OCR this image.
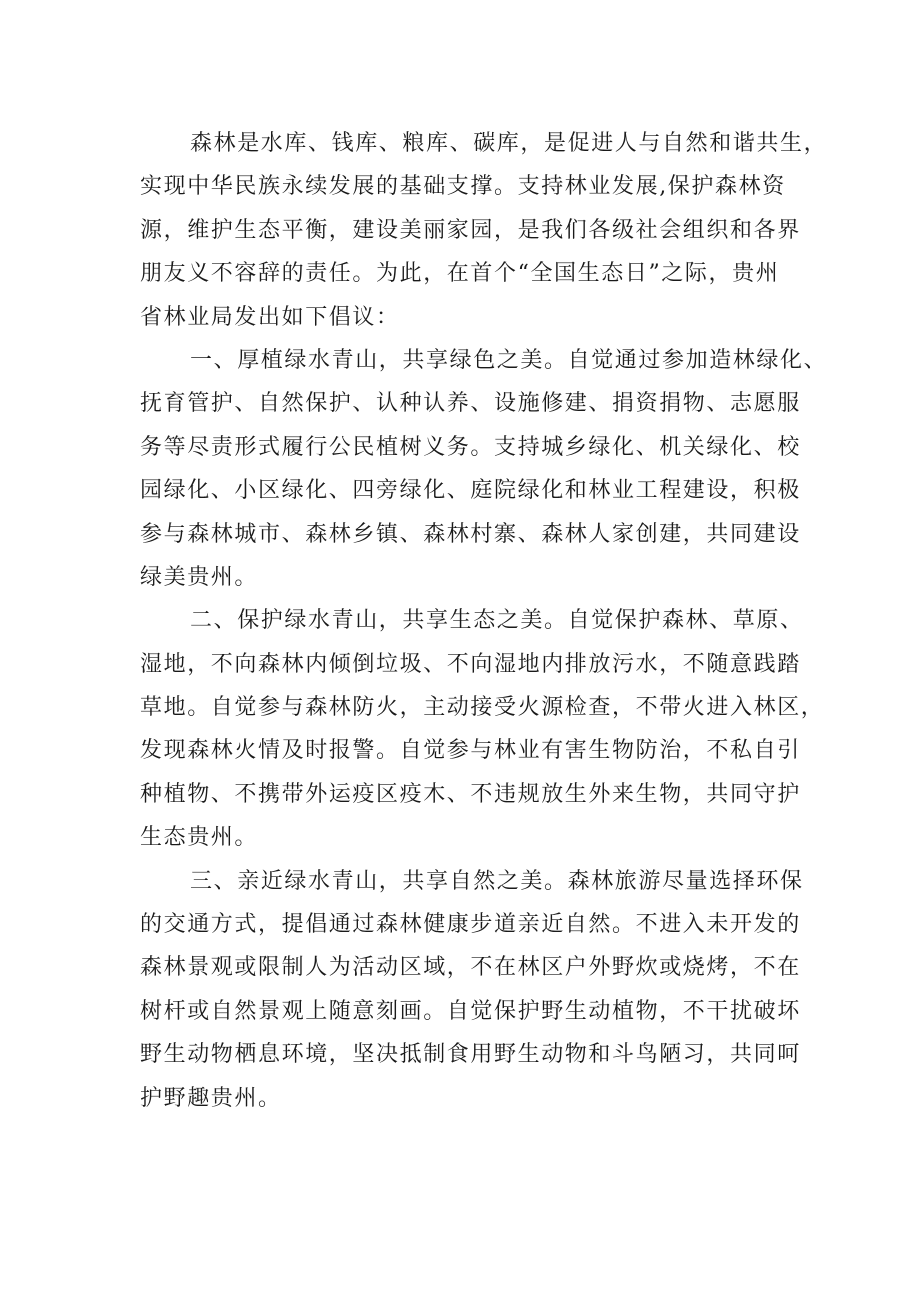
森林是水库、钱库、粮库、碳库，是促进人与自然和谐共生，
实现中华民族永续发展的基础支撑。支持林业发展,保护森林资
源，维护生态平衡，建设美丽家园，是我们各级社会组织和各界
朋友义不容辞的责任。为此，在首个“全国生态日”之际，贵州
省林业局发出如下倡议：
一、厚植绿水青山，共享绿色之美。自觉通过参加造林绿化、
抚育管护、自然保护、认种认养、设施修建、捐资捐物、志愿服
务等尽责形式履行公民植树义务。支持城乡绿化、机关绿化、校
园绿化、小区绿化、四旁绿化、庭院绿化和林业工程建设，积极
参与森林城市、森林乡镇、森林村寨、森林人家创建，共同建设
绿美贵州。
二、保护绿水青山，共享生态之美。自觉保护森林、草原、
湿地，不向森林内倾倒垃圾、不向湿地内排放污水，不随意践踏
草地。自觉参与森林防火，主动接受火源检查，不带火进入林区，
发现森林火情及时报警。自觉参与林业有害生物防治，不私自引
种植物、不携带外运疫区疫木、不违规放生外来生物，共同守护
生态贵州。
三、亲近绿水青山，共享自然之美。森林旅游尽量选择环保
的交通方式，提倡通过森林健康步道亲近自然。不进入未开发的
森林景观或限制人为活动区域，不在林区户外野炊或烧烤，不在
树杆或自然景观上随意刻画。自觉保护野生动植物，不干扰破坏
野生动物栖息环境，坚决抵制食用野生动物和斗鸟陋习，共同呵
护野趣贵州。
